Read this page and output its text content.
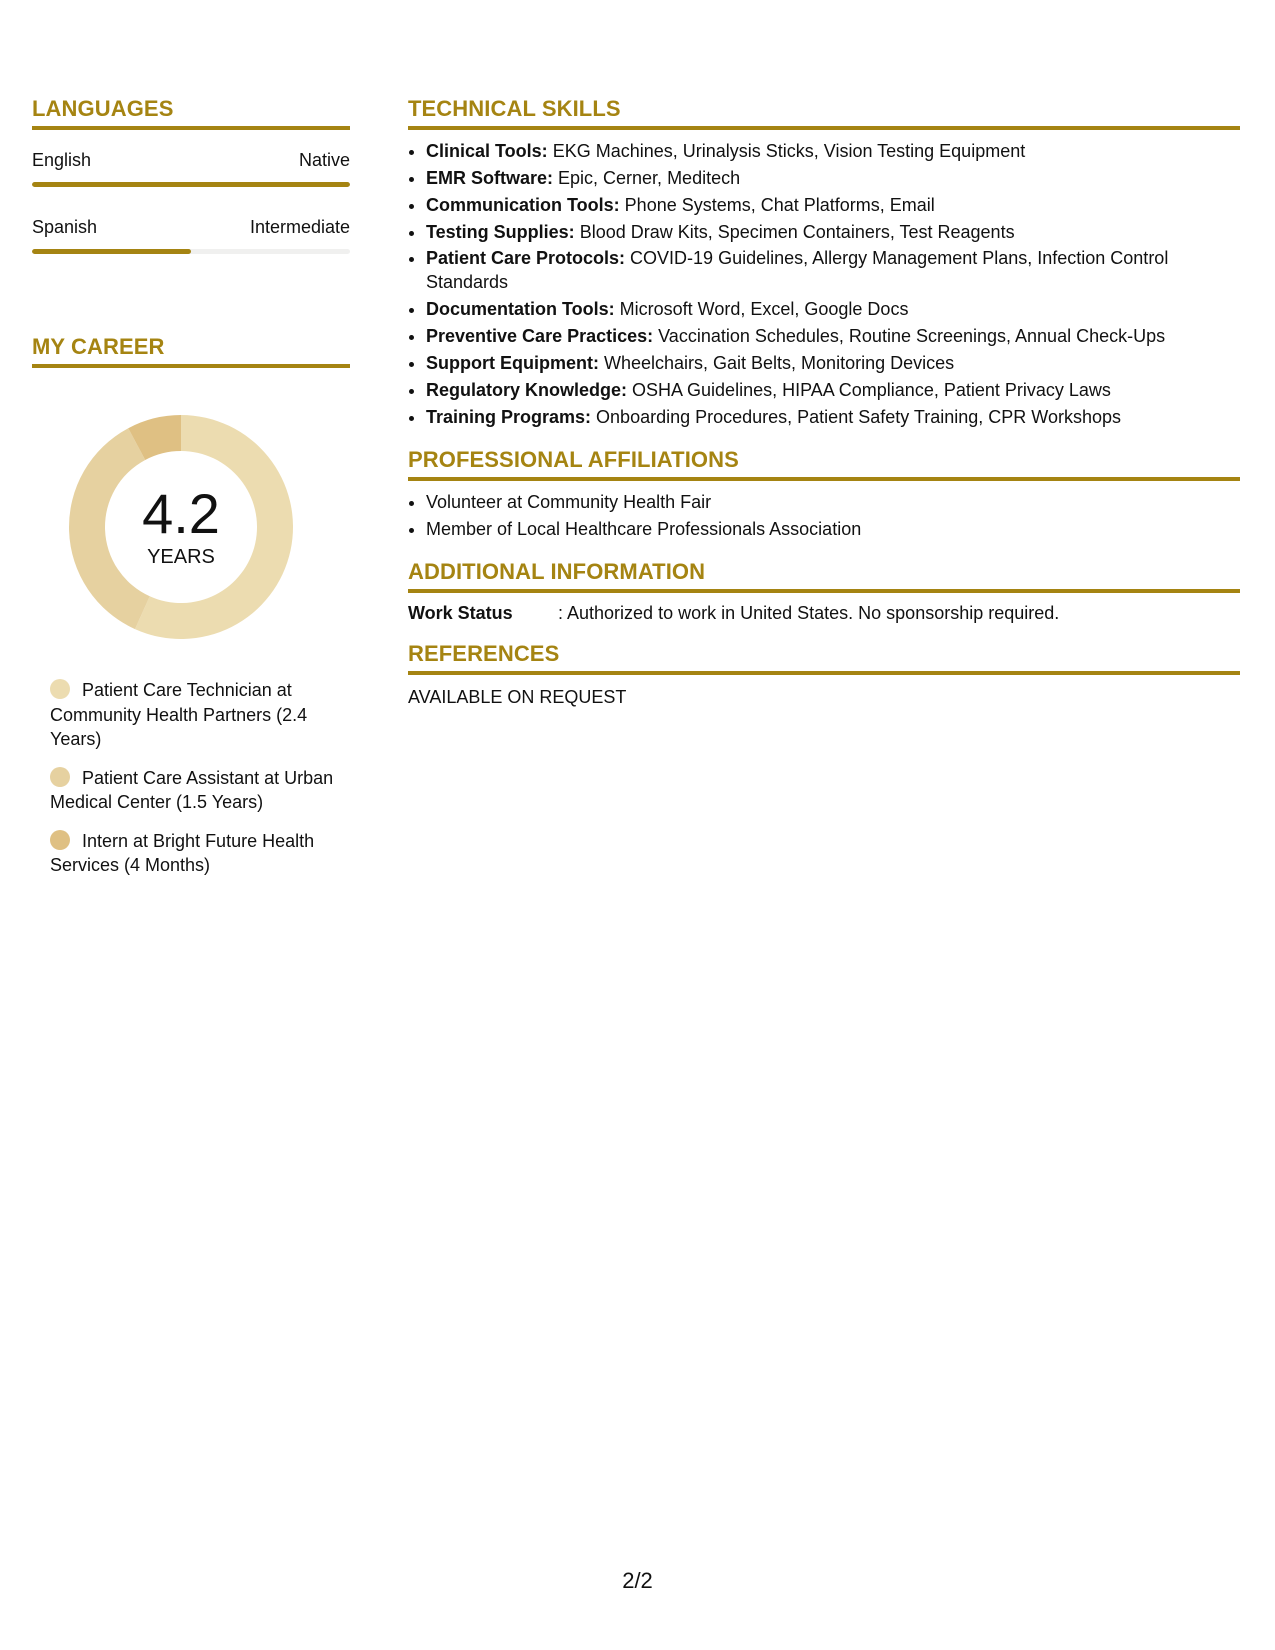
LANGUAGES
English	Native
Spanish	Intermediate
MY CAREER
4.2
YEARS
Patient Care Technician at Community Health Partners (2.4 Years)
Patient Care Assistant at Urban Medical Center (1.5 Years)
Intern at Bright Future Health Services (4 Months)
TECHNICAL SKILLS
• Clinical Tools: EKG Machines, Urinalysis Sticks, Vision Testing Equipment
• EMR Software: Epic, Cerner, Meditech
• Communication Tools: Phone Systems, Chat Platforms, Email
• Testing Supplies: Blood Draw Kits, Specimen Containers, Test Reagents
• Patient Care Protocols: COVID-19 Guidelines, Allergy Management Plans, Infection Control Standards
• Documentation Tools: Microsoft Word, Excel, Google Docs
• Preventive Care Practices: Vaccination Schedules, Routine Screenings, Annual Check-Ups
• Support Equipment: Wheelchairs, Gait Belts, Monitoring Devices
• Regulatory Knowledge: OSHA Guidelines, HIPAA Compliance, Patient Privacy Laws
• Training Programs: Onboarding Procedures, Patient Safety Training, CPR Workshops
PROFESSIONAL AFFILIATIONS
• Volunteer at Community Health Fair
• Member of Local Healthcare Professionals Association
ADDITIONAL INFORMATION
Work Status	: Authorized to work in United States. No sponsorship required.
REFERENCES
AVAILABLE ON REQUEST
2/2
